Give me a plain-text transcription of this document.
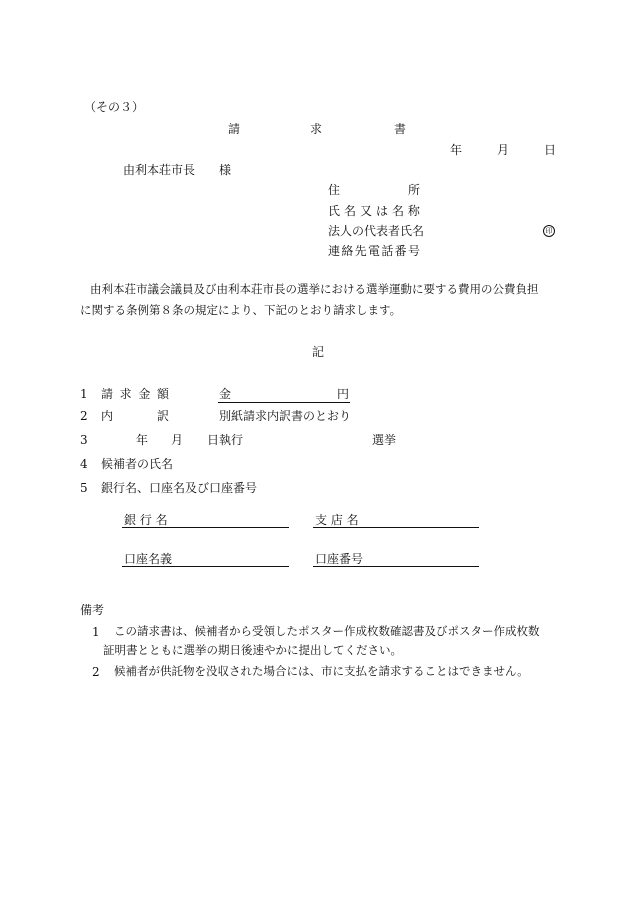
（その３）
請	求	書
年	月	日
由利本荘市長 様
住	所
氏 名 又 は 名 称
法人の代表者氏名	印
連 絡 先 電 話 番 号
由利本荘市議会議員及び由利本荘市長の選挙における選挙運動に要する費用の公費負担
に関する条例第８条の規定により、下記のとおり請求します。
記
1 請 求 金 額	金	円
2 内	訳	別紙請求内訳書のとおり
3	年 月 日執行	選挙
4 候補者の氏名
5 銀行名、口座名及び口座番号
銀 行 名	支 店 名
口座名義	口座番号
備考
1 この請求書は、候補者から受領したポスター作成枚数確認書及びポスター作成枚数
証明書とともに選挙の期日後速やかに提出してください。
2 候補者が供託物を没収された場合には、市に支払を請求することはできません。
